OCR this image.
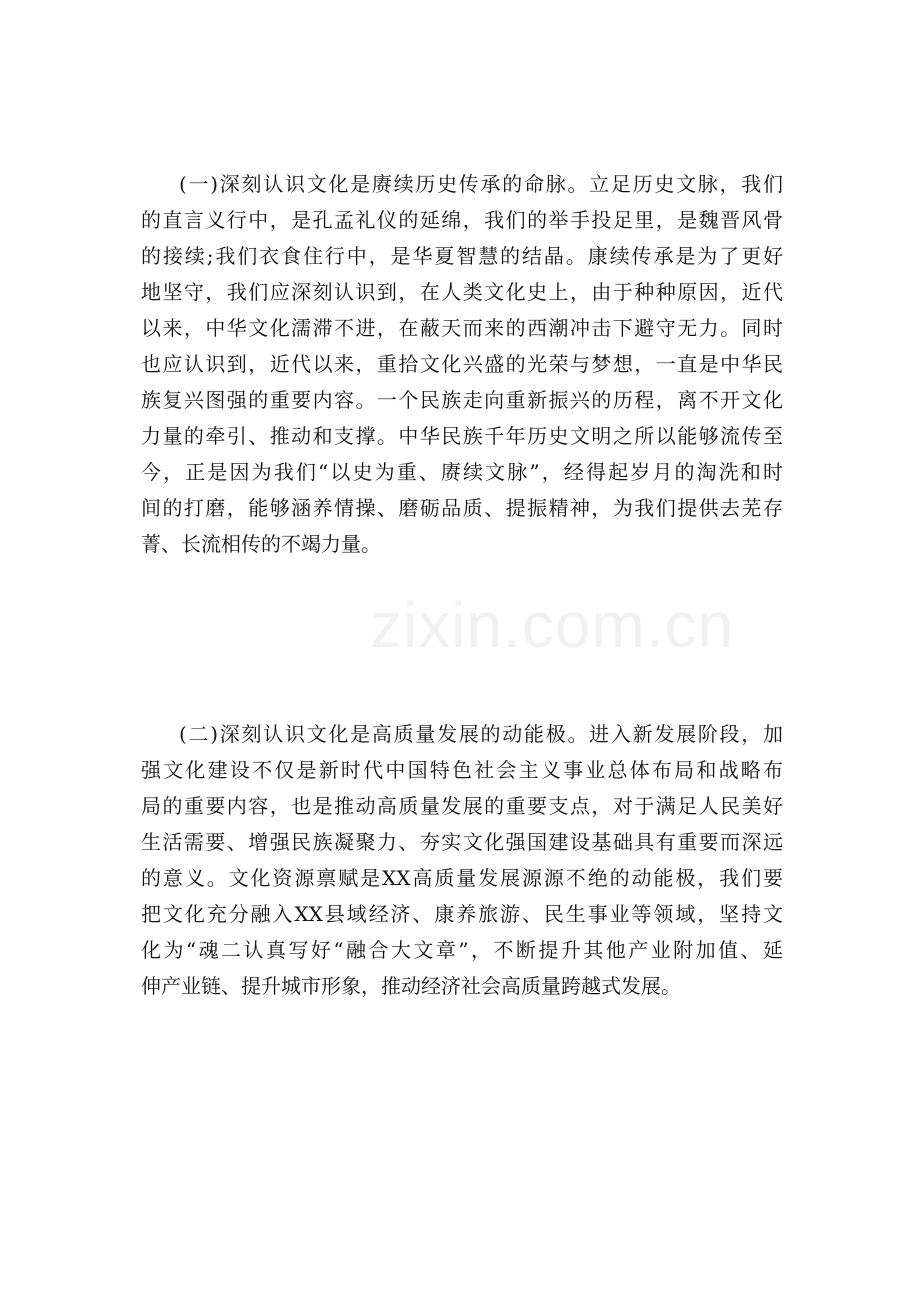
zixin.com.cn
(一)深刻认识文化是赓续历史传承的命脉。立足历史文脉，我们
的直言义行中，是孔孟礼仪的延绵，我们的举手投足里，是魏晋风骨
的接续;我们衣食住行中，是华夏智慧的结晶。康续传承是为了更好
地坚守，我们应深刻认识到，在人类文化史上，由于种种原因，近代
以来，中华文化濡滞不进，在蔽天而来的西潮冲击下避守无力。同时
也应认识到，近代以来，重拾文化兴盛的光荣与梦想，一直是中华民
族复兴图强的重要内容。一个民族走向重新振兴的历程，离不开文化
力量的牵引、推动和支撑。中华民族千年历史文明之所以能够流传至
今，正是因为我们“以史为重、赓续文脉”，经得起岁月的淘洗和时
间的打磨，能够涵养情操、磨砺品质、提振精神，为我们提供去芜存
菁、长流相传的不竭力量。
(二)深刻认识文化是高质量发展的动能极。进入新发展阶段，加
强文化建设不仅是新时代中国特色社会主义事业总体布局和战略布
局的重要内容，也是推动高质量发展的重要支点，对于满足人民美好
生活需要、增强民族凝聚力、夯实文化强国建设基础具有重要而深远
的意义。文化资源禀赋是XX高质量发展源源不绝的动能极，我们要
把文化充分融入XX县域经济、康养旅游、民生事业等领域，坚持文
化为“魂二认真写好“融合大文章”，不断提升其他产业附加值、延
伸产业链、提升城市形象，推动经济社会高质量跨越式发展。
